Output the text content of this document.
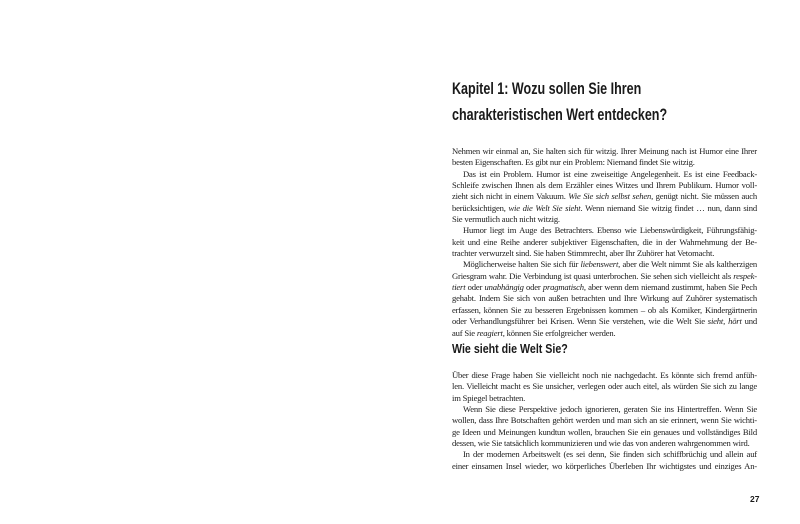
Kapitel 1: Wozu sollen Sie Ihren
charakteristischen Wert entdecken?
Nehmen wir einmal an, Sie halten sich für witzig. Ihrer Meinung nach ist Humor eine Ihrer
besten Eigenschaften. Es gibt nur ein Problem: Niemand findet Sie witzig.
Das ist ein Problem. Humor ist eine zweiseitige Angelegenheit. Es ist eine Feedback-
Schleife zwischen Ihnen als dem Erzähler eines Witzes und Ihrem Publikum. Humor voll-
zieht sich nicht in einem Vakuum. Wie Sie sich selbst sehen, genügt nicht. Sie müssen auch
berücksichtigen, wie die Welt Sie sieht. Wenn niemand Sie witzig findet … nun, dann sind
Sie vermutlich auch nicht witzig.
Humor liegt im Auge des Betrachters. Ebenso wie Liebenswürdigkeit, Führungsfähig-
keit und eine Reihe anderer subjektiver Eigenschaften, die in der Wahrnehmung der Be-
trachter verwurzelt sind. Sie haben Stimmrecht, aber Ihr Zuhörer hat Vetomacht.
Möglicherweise halten Sie sich für liebenswert, aber die Welt nimmt Sie als kaltherzigen
Griesgram wahr. Die Verbindung ist quasi unterbrochen. Sie sehen sich vielleicht als respek-
tiert oder unabhängig oder pragmatisch, aber wenn dem niemand zustimmt, haben Sie Pech
gehabt. Indem Sie sich von außen betrachten und Ihre Wirkung auf Zuhörer systematisch
erfassen, können Sie zu besseren Ergebnissen kommen – ob als Komiker, Kindergärtnerin
oder Verhandlungsführer bei Krisen. Wenn Sie verstehen, wie die Welt Sie sieht, hört und
auf Sie reagiert, können Sie erfolgreicher werden.
Wie sieht die Welt Sie?
Über diese Frage haben Sie vielleicht noch nie nachgedacht. Es könnte sich fremd anfüh-
len. Vielleicht macht es Sie unsicher, verlegen oder auch eitel, als würden Sie sich zu lange
im Spiegel betrachten.
Wenn Sie diese Perspektive jedoch ignorieren, geraten Sie ins Hintertreffen. Wenn Sie
wollen, dass Ihre Botschaften gehört werden und man sich an sie erinnert, wenn Sie wichti-
ge Ideen und Meinungen kundtun wollen, brauchen Sie ein genaues und vollständiges Bild
dessen, wie Sie tatsächlich kommunizieren und wie das von anderen wahrgenommen wird.
In der modernen Arbeitswelt (es sei denn, Sie finden sich schiffbrüchig und allein auf
einer einsamen Insel wieder, wo körperliches Überleben Ihr wichtigstes und einziges An-
27
